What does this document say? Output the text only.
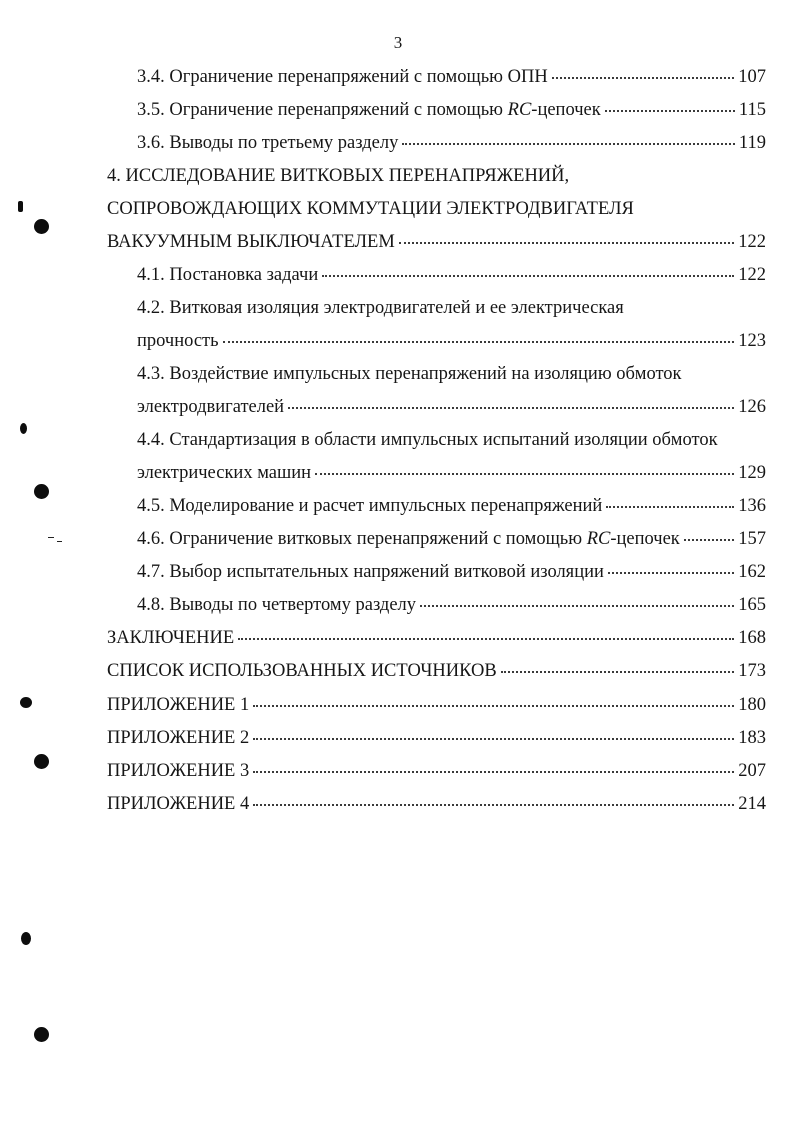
3
3.4. Ограничение перенапряжений с помощью ОПН	107
3.5. Ограничение перенапряжений с помощью RC-цепочек	115
3.6. Выводы по третьему разделу	119
4. ИССЛЕДОВАНИЕ ВИТКОВЫХ ПЕРЕНАПРЯЖЕНИЙ,
СОПРОВОЖДАЮЩИХ КОММУТАЦИИ ЭЛЕКТРОДВИГАТЕЛЯ
ВАКУУМНЫМ ВЫКЛЮЧАТЕЛЕМ	122
4.1. Постановка задачи	122
4.2. Витковая изоляция электродвигателей и ее электрическая
прочность	123
4.3. Воздействие импульсных перенапряжений на изоляцию обмоток
электродвигателей	126
4.4. Стандартизация в области импульсных испытаний изоляции обмоток
электрических машин	129
4.5. Моделирование и расчет импульсных перенапряжений	136
4.6. Ограничение витковых перенапряжений с помощью RC-цепочек	157
4.7. Выбор испытательных напряжений витковой изоляции	162
4.8. Выводы по четвертому разделу	165
ЗАКЛЮЧЕНИЕ	168
СПИСОК ИСПОЛЬЗОВАННЫХ ИСТОЧНИКОВ	173
ПРИЛОЖЕНИЕ 1	180
ПРИЛОЖЕНИЕ 2	183
ПРИЛОЖЕНИЕ 3	207
ПРИЛОЖЕНИЕ 4	214
